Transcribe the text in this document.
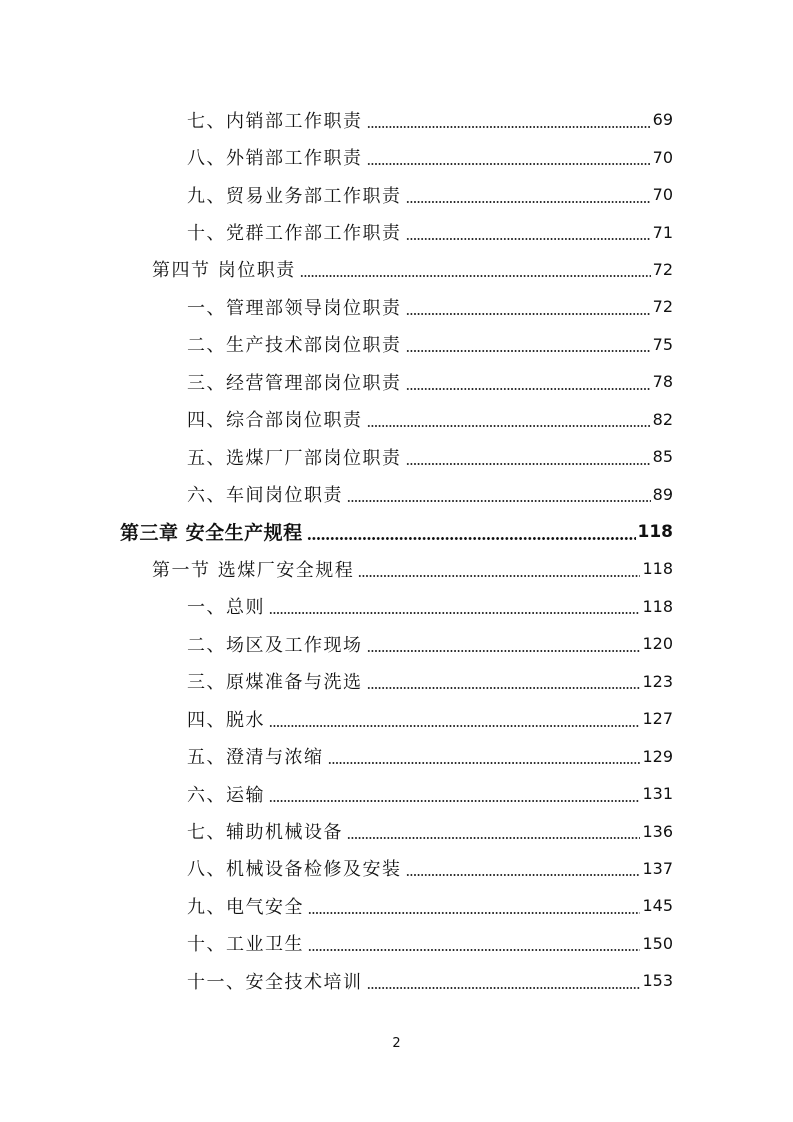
七、内销部工作职责	69
八、外销部工作职责	70
九、贸易业务部工作职责	70
十、党群工作部工作职责	71
第四节 岗位职责	72
一、管理部领导岗位职责	72
二、生产技术部岗位职责	75
三、经营管理部岗位职责	78
四、综合部岗位职责	82
五、选煤厂厂部岗位职责	85
六、车间岗位职责	89
第三章 安全生产规程	118
第一节 选煤厂安全规程	118
一、总则	118
二、场区及工作现场	120
三、原煤准备与洗选	123
四、脱水	127
五、澄清与浓缩	129
六、运输	131
七、辅助机械设备	136
八、机械设备检修及安装	137
九、电气安全	145
十、工业卫生	150
十一、安全技术培训	153
2
